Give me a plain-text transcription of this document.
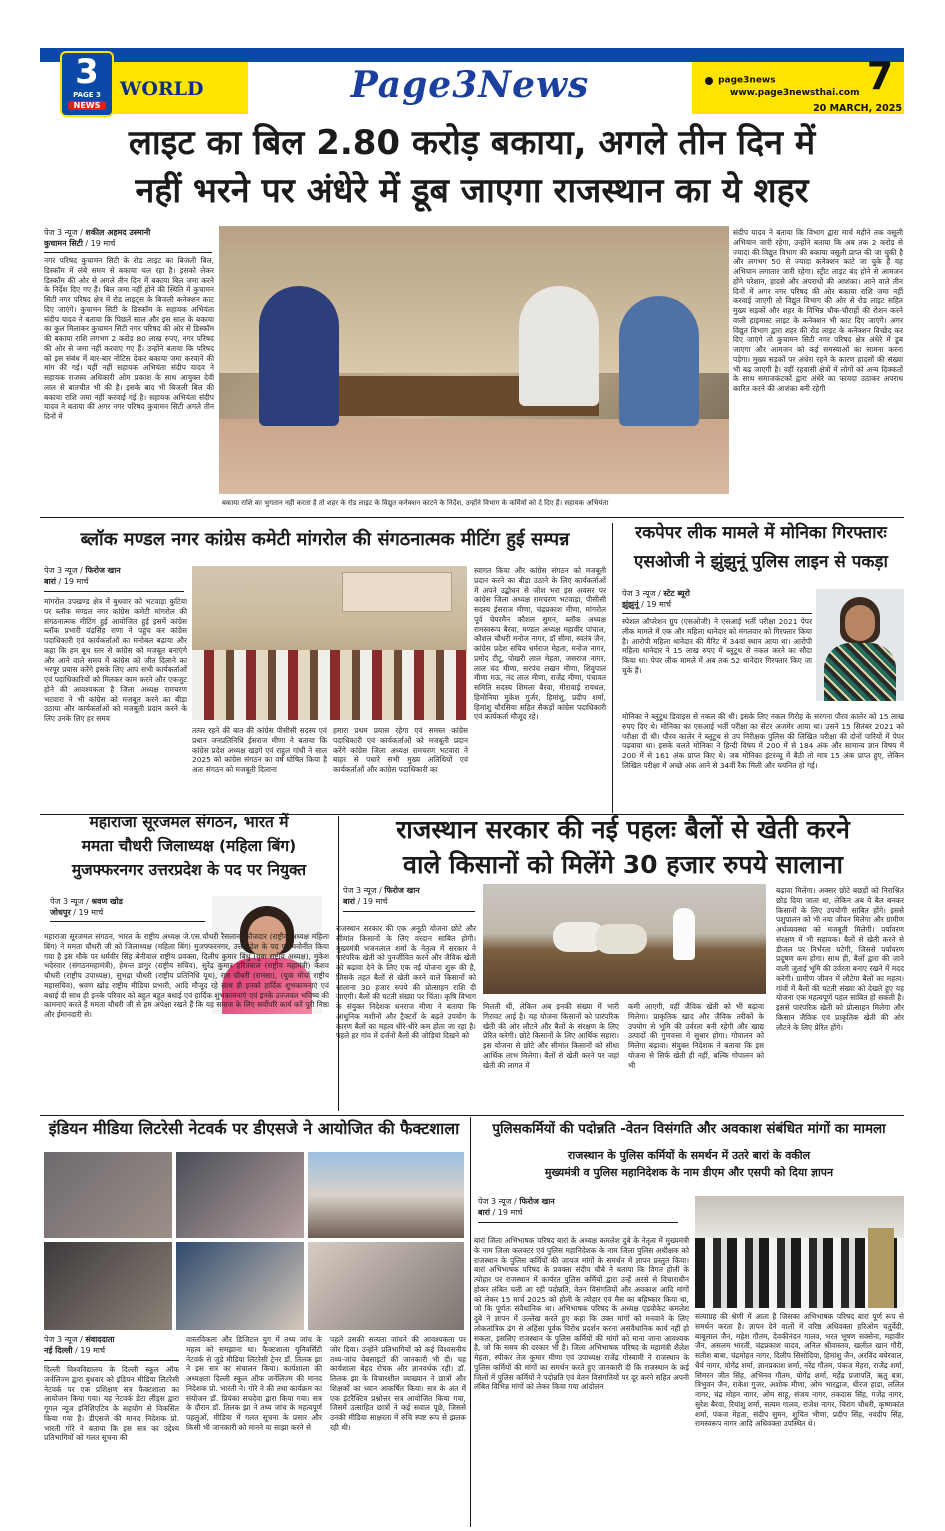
3
PAGE 3
NEWS
WORLD	Page3News	page3news
www.page3newsthai.com 7
20 MARCH, 2025
लाइट का बिल 2.80 करोड़ बकाया, अगले तीन दिन में
नहीं भरने पर अंधेरे में डूब जाएगा राजस्थान का ये शहर
पेज 3 न्यूज / शकील अहमद उस्मानी
कुचामन सिटी / 19 मार्च
नगर परिषद कुचामन सिटी के रोड लाइट का बिजली बिल, डिस्कॉम में लंबे समय से बकाया चल रहा है। इसको लेकर डिस्कॉम की ओर से अगले तीन दिन में बकाया बिल जमा करने के निर्देश दिए गए हैं। बिल जमा नहीं होने की स्थिति में कुचामन सिटी नगर परिषद क्षेत्र में रोड लाइट्स के बिजली कनेक्शन काट दिए जाएंगे। कुचामन सिटी के डिस्कॉम के सहायक अभियंता संदीप यादव ने बताया कि पिछले साल और इस साल के बकाया का कुल मिलाकर कुचामन सिटी नगर परिषद की ओर से डिस्कॉम की बकाया राशि लगभग 2 करोड़ 80 लाख रुपए, नगर परिषद की ओर से जमा नहीं करवाए गए हैं। उन्होंने बताया कि परिषद को इस संबंध में बार-बार नोटिस देकर बकाया जमा करवाने की मांग की गई। यहीं नहीं सहायक अभियंता संदीप यादव ने सहायक राजस्व अधिकारी ओम प्रकाश के साथ आयुक्त देवी लाल से बातचीत भी की है। इसके बाद भी बिजली बिल की बकाया राशि जमा नहीं करवाई गई है। सहायक अभियंता संदीप यादव ने बताया की अगर नगर परिषद कुचामन सिटी अगले तीन दिनों में
बकाया राशि का भुगतान नहीं करता है तो शहर के रोड लाइट के विद्युत कनेक्शन काटने के निर्देश, उन्होंने विभाग के कर्मियों को दे दिए हैं। सहायक अभियंता
संदीप यादव ने बताया कि विभाग द्वारा मार्च महीने तक वसूली अभियान जारी रहेगा, उन्होंने बताया कि अब तक 2 करोड़ से ज्यादा की विद्युत विभाग की बकाया वसूली प्राप्त की जा चुकी है और लगभग 50 से ज्यादा कनेक्शन काटे जा चुके हैं यह अभियान लगातार जारी रहेगा। स्ट्रीट लाइट बंद होने से आमजन होंगे परेशान, हादसे और अपराधों की आशंका। आने वाले तीन दिनों में अगर नगर परिषद की ओर बकाया राशि जमा नहीं करवाई जाएगी तो विद्युत विभाग की ओर से रोड लाइट सहित मुख्य सड़कों और शहर के विभिन्न चौक-चौराहों की रोशन करने वाली हाइमास्ट लाइट के कनेक्शन भी काट दिए जाएंगे। अगर विद्युत विभाग द्वारा शहर की रोड लाइट के कनेक्शन विच्छेद कर दिए जाएंगे तो कुचामन सिटी नगर परिषद क्षेत्र अंधेरे में डूब जाएगा और आमजन को कई समस्याओं का सामना करना पड़ेगा। मुख्य सड़कों पर अंधेरा रहने के कारण हादसों की संख्या भी बढ़ जाएगी है। वहीं रहवासी क्षेत्रों में लोगों को अन्य दिक्कतों के साथ समाजकंटकों द्वारा अंधेरे का फायदा उठाकर अपराध कारित करने की आशंका बनी रहेगी
ब्लॉक मण्डल नगर कांग्रेस कमेटी मांगरोल की संगठनात्मक मीटिंग हुई सम्पन्न
पेज 3 न्यूज / फिरोज खान
बारां / 19 मार्च
मांगरोल उपखण्ड क्षेत्र में बुधवार को भटवाड़ा कुटिया पर ब्लॉक मण्डल नगर कांग्रेस कमेटी मांगरोल की संगठनात्मक मीटिंग हुई आयोजित हुई इसमें कांग्रेस ब्लॉक प्रभारी चंद्रसिंह राणा ने पहुंच कर कांग्रेस पदाधिकारी एवं कार्यकर्ताओं का मनोबल बढ़ाया और कहा कि हम बूथ स्तर से कांग्रेस को मजबूत बनाएंगे और आने वाले समय में कांग्रेस को जीत दिलाने का भरपूर प्रयास करेंगे इसके लिए आप सभी कार्यकर्ताओं एवं पदाधिकारियों को मिलकर काम करने और एकजुट होने की आवश्यकता है जिला अध्यक्ष रामचरण भटवारा ने भी कांग्रेस को मजबूत करने का बीड़ा उठाया और कार्यकर्ताओं को मजबूती प्रदान करने के लिए उनके लिए हर समय
तत्पर रहने की बात की कांग्रेस पीसीसी सदस्य एवं प्रधान जनप्रतिनिधि ईसराज मीणा ने बताया कि कांग्रेस प्रदेश अध्यक्ष खड़गे एवं राहुल गांधी ने साल 2025 को कांग्रेस संगठन का वर्ष घोषित किया है अतः संगठन को मजबूती दिलाना
हमारा प्रथम प्रयास रहेगा एवं समस्त कांग्रेस पदाधिकारी एवं कार्यकर्ताओं को मजबूती प्रदान करेंगे कांग्रेस जिला अध्यक्ष रामचरण भटवारा ने बाहर से पधारे सभी मुख्य अतिथियों एवं कार्यकर्ताओं और कांग्रेस पदाधिकारी का
स्वागत किया और कांग्रेस संगठन को मजबूती प्रदान करने का बीड़ा उठाने के लिए कार्यकर्ताओं में अपने उद्बोधन से जोश भरा इस अवसर पर कांग्रेस जिला अध्यक्ष रामचरण भटवाड़ा, पीसीसी सदस्य ईसराज मीणा, चंद्रप्रकाश मीणा, मांगरोल पूर्व चेयरमैन कौशल सुमन, ब्लॉक अध्यक्ष रामस्वरूप बैरवा, मण्डल अध्यक्ष महावीर पांचाल, कौशल चौधरी मनोज नागर, डॉ सीमा, स्वतंत्र जैन, कांग्रेस प्रदेश सचिव धर्मराज मेहता, मनोज नागर, प्रमोद टीटू, पोखरी लाल मेहता, जसराज नागर, लाल चंद मीणा, सरपंच लखन मीणा, शिवुपाल मीणा मऊ, नंद लाल मीणा, राजेंद्र मीणा, पंचायत समिति सदस्य शिमला बैरवा, मीरावाई रायथल, हिमोनिया मुकेश गुर्जर, हिमांशु, प्रदीप शर्मा, हिमांशु चौरसिया सहित सैकड़ों कांग्रेस पदाधिकारी एवं कार्यकर्ता मौजूद रहे।
रकपेपर लीक मामले में मोनिका गिरफ्तारः
एसओजी ने झुंझुनूं पुलिस लाइन से पकड़ा
पेज 3 न्यूज / स्टेट ब्यूरो
झुंझुनूं / 19 मार्च
स्पेशल ऑपरेशन ग्रुप (एसओजी) ने एसआई भर्ती परीक्षा 2021 पेपर लीक मामले में एक और महिला थानेदार को मंगलवार को गिरफ्तार किया है। आरोपी महिला थानेदार की मैरिट में 34वां स्थान आया था। आरोपी महिला थानेदार ने 15 लाख रुपए में ब्लूटूथ से नकल करने का सौदा किया था। पेपर लीक मामले में अब तक 52 थानेदार गिरफ्तार किए जा चुके हैं।
मोनिका ने ब्लूटूथ डिवाइस से नकल की थी। इसके लिए नकल गिरोह के सरगना पौरव कालेर को 15 लाख रुपए दिए थे। मोनिका का एसआई भर्ती परीक्षा का सेंटर अजमेर आया था। उसने 15 सितंबर 2021 को परीक्षा दी थी। पौरव कालेर ने ब्लूटूथ से उप निरीक्षक पुलिस की लिखित परीक्षा की दोनों पारियों में पेपर पढ़वाया था। इसके चलते मोनिका ने हिन्दी विषय में 200 में से 184 अंक और सामान्य ज्ञान विषय में 200 में से 161 अंक प्राप्त किए थे। जब मोनिका इंटरव्यू में बैठी तो मात्र 15 अंक प्राप्त हुए, लेकिन लिखित परीक्षा में अच्छे अंक आने से 34वीं रैंक मिली और चयनित हो गई।
महाराजा सूरजमल संगठन, भारत में
ममता चौधरी जिलाध्यक्ष (महिला बिंग)
मुजफ्फरनगर उत्तरप्रदेश के पद पर नियुक्त
पेज 3 न्यूज / श्रवण खोड
जोधपुर / 19 मार्च
महाराजा सूरजमल संगठन, भारत के राष्ट्रीय अध्यक्ष जे.एस.चौधरी रैसलाना फौजदार (राष्ट्रीय अध्यक्ष महिला बिंग) ने ममता चौधरी जी को जिलाध्यक्ष (महिला बिंग) मुजफ्फरनगर, उत्तरप्रदेश के पद पर मनोनीत किया गया है इस मौके पर धर्मवीर सिंह बेनीवाल राष्ट्रीय प्रवक्ता, दिलीप कुमार बिंधु (युवा राष्ट्रीय अध्यक्ष), मुकेश भदेरवार (संगठनमहामंत्री), हेमन्त डागुर (राष्ट्रीय सचिव), सुरेंद्र कुमार हरितवाल (राष्ट्रीय महामंत्री) केशव चौधरी (राष्ट्रीय उपाध्यक्ष), सुभद्रा चौधरी (राष्ट्रीय प्रतिनिधि यूथ), राम चौधरी (रामसा), (युवा मोर्चा राष्ट्रीय महासचिव), श्रवण खोड़ राष्ट्रीय मीडिया प्रभारी, आदि मौजूद रहे साथ ही इनको हार्दिक शुभकामनाएं एवं बधाई दी साथ ही इनके परिवार को बहुत बहुत बधाई एवं हार्दिक शुभकामनाएं एवं इनके उज्जवल भविष्य की कामनाएं करते हैं ममता चौधरी जी से हम अपेक्षा रखते हैं कि यह समाज के लिए सर्वोपरि कार्य करें पूरी निष्ठा और ईमानदारी से।
राजस्थान सरकार की नई पहलः बैलों से खेती करने
वाले किसानों को मिलेंगे 30 हजार रुपये सालाना
पेज 3 न्यूज / फिरोज खान
बारां / 19 मार्च
राजस्थान सरकार की एक अनूठी योजना छोटे और सीमांत किसानों के लिए वरदान साबित होगी। मुख्यमंत्री भजनलाल शर्मा के नेतृत्व में सरकार ने पारंपरिक खेती को पुनर्जीवित करने और जैविक खेती को बढ़ावा देने के लिए एक नई योजना शुरू की है, जिसके तहत बैलों से खेती करने वाले किसानों को सालाना 30 हजार रुपये की प्रोत्साहन राशि दी जाएगी। बैलों की घटती संख्या पर चिंता। कृषि विभाग के संयुक्त निदेशक धनराज मीणा ने बताया कि आधुनिक मशीनों और ट्रैक्टरों के बढ़ते उपयोग के कारण बैलों का महत्व धीरे-धीरे कम होता जा रहा है। पहले हर गांव में दर्जनों बैलों की जोड़ियां दिखने को
मिलती थीं, लेकिन अब इनकी संख्या में भारी गिरावट आई है। यह योजना किसानों को पारंपरिक खेती की ओर लौटने और बैलों के संरक्षण के लिए प्रेरित करेगी। छोटे किसानों के लिए आर्थिक सहारा। इस योजना से छोटे और सीमांत किसानों को सीधा आर्थिक लाभ मिलेगा। बैलों से खेती करने पर जहां खेती की लागत में
कमी आएगी, वहीं जैविक खेती को भी बढ़ावा मिलेगा। प्राकृतिक खाद और जैविक तरीकों के उपयोग से भूमि की उर्वरता बनी रहेगी और खाद्य उत्पादों की गुणवत्ता में सुधार होगा। गोपालन को मिलेगा बढ़ावा। संयुक्त निदेशक ने बताया कि इस योजना से सिर्फ खेती ही नहीं, बल्कि गोपालन को भी
बढ़ावा मिलेगा। अक्सर छोटे बछड़ों को निराश्रित छोड़ दिया जाता था, लेकिन अब ये बैल बनकर किसानों के लिए उपयोगी साबित होंगे। इससे पशुपालन को भी नया जीवन मिलेगा और ग्रामीण अर्थव्यवस्था को मजबूती मिलेगी। पर्यावरण संरक्षण में भी सहायक। बैलों से खेती करने से डीजल पर निर्भरता घटेगी, जिससे पर्यावरण प्रदूषण कम होगा। साथ ही, बैलों द्वारा की जाने वाली जुताई भूमि की उर्वरता बनाए रखने में मदद करेगी। ग्रामीण जीवन में लौटेगा बैलों का महत्व। गांवों में बैलों की घटती संख्या को देखते हुए यह योजना एक महत्वपूर्ण पहल साबित हो सकती है। इससे पारंपरिक खेती को प्रोत्साहन मिलेगा और किसान जैविक एवं प्राकृतिक खेती की ओर लौटने के लिए प्रेरित होंगे।
इंडियन मीडिया लिटरेसी नेटवर्क पर डीएसजे ने आयोजित की फैक्टशाला
पेज 3 न्यूज / संवाददाता
नई दिल्ली / 19 मार्च
दिल्ली विश्वविद्यालय के दिल्ली स्कूल ऑफ जर्नलिज्म द्वारा बुधवार को इंडियन मीडिया लिटरेसी नेटवर्क पर एक प्रशिक्षण सत्र फैक्टशाला का आयोजन किया गया। यह नेटवर्क डेटा लीड्स द्वारा गूगल न्यूज इनिशिएटिव के सहयोग से विकसित किया गया है। डीएसजे की मानद निदेशक प्रो. भारती गोरे ने बताया कि इस सत्र का उद्देश्य प्रतिभागियों को गलत सूचना की
वास्तविकता और डिजिटल युग में तथ्य जांच के महत्व को समझाना था। फैक्टशाला यूनिवर्सिटी नेटवर्क से जुड़े मीडिया लिटरेसी ट्रेनर डॉ. तिलक झा ने इस सत्र का संचालन किया। कार्यशाला की अध्यक्षता दिल्ली स्कूल ऑफ जर्नलिज्म की मानद निदेशक प्रो. भारती ने। गोरे ने की तथा कार्यक्रम का संयोजन डॉ. प्रियंका सचदेवा द्वारा किया गया। सत्र के दौरान डॉ. तिलक झा ने तथ्य जांच के महत्वपूर्ण पहलुओं, मीडिया में गलत सूचना के प्रसार और किसी भी जानकारी को मानने या साझा करने से
पहले उसकी सत्यता जांचने की आवश्यकता पर जोर दिया। उन्होंने प्रतिभागियों को कई विश्वसनीय तथ्य-जांच वेबसाइटों की जानकारी भी दी। यह कार्यशाला बेहद रोचक और ज्ञानवर्धक रही। डॉ. तिलक झा के विचारशील व्याख्यान ने छात्रों और शिक्षकों का ध्यान आकर्षित किया। सत्र के अंत में एक इंटरैक्टिव प्रश्नोत्तर सत्र आयोजित किया गया, जिसमें उत्साहित छात्रों ने कई सवाल पूछे, जिससे उनकी मीडिया साक्षरता में रुचि स्पष्ट रूप से झलक रही थी।
पुलिसकर्मियों की पदोन्नति -वेतन विसंगति और अवकाश संबंधित मांगों का मामला
राजस्थान के पुलिस कर्मियों के समर्थन में उतरे बारां के वकील
मुख्यमंत्री व पुलिस महानिदेशक के नाम डीएम और एसपी को दिया ज्ञापन
पेज 3 न्यूज / फिरोज खान
बारां / 19 मार्च
बारां जिला अभिभाषक परिषद बारां के अध्यक्ष कमलेश दुबे के नेतृत्व में मुख्यमंत्री के नाम जिला कलक्टर एवं पुलिस महानिदेशक के नाम जिला पुलिस अधीक्षक को राजस्थान के पुलिस कर्मियों की जायज मांगों के समर्थन में ज्ञापन प्रस्तुत किया। बारां अभिभाषक परिषद के प्रवक्ता संदीप चौबे ने बताया कि विगत होली के त्योहार पर राजस्थान में कार्यरत पुलिस कर्मियों द्वारा उन्हें अरसे से विचाराधीन होकर लंबित चली आ रही पदोन्नति, वेतन विसंगतियों और अवकाश आदि मांगों को लेकर 15 मार्च 2025 को होली के त्योहार एवं मैस का बहिष्कार किया था, जो कि पूर्णतः संवैधानिक था। अभिभाषक परिषद के अध्यक्ष एडवोकेट कमलेश दुबे ने ज्ञापन में उल्लेख करते हुए कहा कि उक्त मांगों को मनवाने के लिए लोकतांत्रिक ढंग से अहिंसा पूर्वक विरोध प्रदर्शन करना असंवैधानिक कार्य नहीं हो सकता, इसलिए राजस्थान के पुलिस कर्मियों की मांगों को माना जाना आवश्यक है, जो कि समय की दरकार भी है। जिला अभिभाषक परिषद के महामंत्री शैलेश मेहता, स्पीकर तेज कुमार मीणा एवं उपाध्यक्ष राजेंद्र गोस्वामी ने राजस्थान के पुलिस कर्मियों की मांगों का समर्थन करते हुए जानकारी दी कि राजस्थान के कई जिलों में पुलिस कर्मियों ने पदोन्नति एवं वेतन विसंगतियों पर दूर करने सहित अपनी लंबित विभिन्न मांगों को लेकर किया गया आंदोलन
सत्याग्रह की श्रेणी में आता है जिसका अभिभाषक परिषद बारां पूर्ण रूप से समर्थन करता है। ज्ञापन देने वालों में वरिष्ठ अधिवक्ता हरिओम चतुर्वेदी, बाबूलाल जैन, महेश गौतम, देवकीनंदन गालव, भरत भूषण सक्सेना, महावीर जैन, असलम भारती, चंद्रप्रकाश यादव, अनिल श्रीवास्तव, खलील खान गौरी, सतीश बाबा, चंद्रमोहन नागर, दिलीप सिसोदिया, हिमांशु जैन, अरविंद बघेरवाल, धैर्य नागर, योगेंद्र शर्मा, ज्ञानप्रकाश शर्मा, नरेंद्र गौतम, पंकज मेहरा, राजेंद्र शर्मा, सिमरन जीत सिंह, अभिनव गौतम, योगेंद्र शर्मा, महेंद्र प्रजापति, ऋतु बत्रा, त्रिभुवन जैन, राकेश गुजर, अशोक मीणा, ओम भारद्वाज, धीरज हाडा, ललित नागर, चंद्र मोहन नागर, ओम साहू, संजय नागर, तकदास सिंह, गजेंद्र नागर, सुरेश बैरवा, रियांशु शर्मा, सत्यम गालव, राजेश नागर, चिराग चौधरी, कृष्णकांत शर्मा, पंकज मेहता, संदीप सुमन, शुचित भीणा, प्रदीप सिंह, नवदीप सिंह, रामस्वरूप नागर आदि अधिवक्ता उपस्थित थे।
